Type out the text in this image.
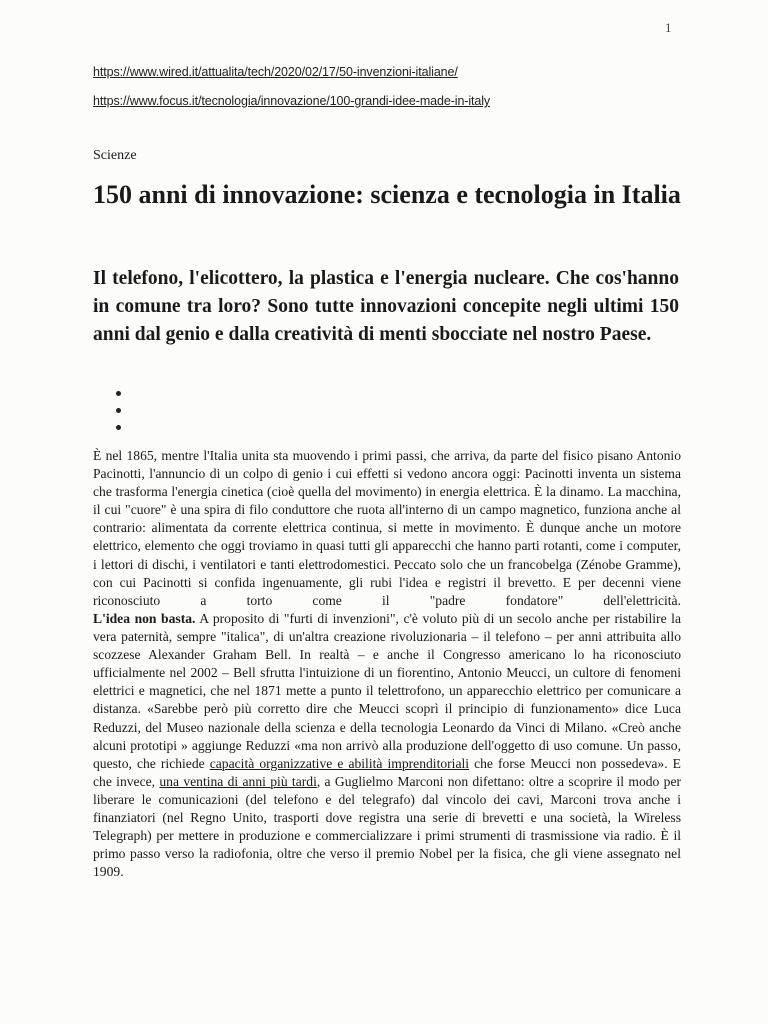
1
https://www.wired.it/attualita/tech/2020/02/17/50-invenzioni-italiane/
https://www.focus.it/tecnologia/innovazione/100-grandi-idee-made-in-italy
Scienze
150 anni di innovazione: scienza e tecnologia in Italia

Il telefono, l'elicottero, la plastica e l'energia nucleare. Che cos'hanno in comune tra loro? Sono tutte innovazioni concepite negli ultimi 150 anni dal genio e dalla creatività di menti sbocciate nel nostro Paese.

È nel 1865, mentre l'Italia unita sta muovendo i primi passi, che arriva, da parte del fisico pisano Antonio Pacinotti, l'annuncio di un colpo di genio i cui effetti si vedono ancora oggi: Pacinotti inventa un sistema che trasforma l'energia cinetica (cioè quella del movimento) in energia elettrica. È la dinamo. La macchina, il cui "cuore" è una spira di filo conduttore che ruota all'interno di un campo magnetico, funziona anche al contrario: alimentata da corrente elettrica continua, si mette in movimento. È dunque anche un motore elettrico, elemento che oggi troviamo in quasi tutti gli apparecchi che hanno parti rotanti, come i computer, i lettori di dischi, i ventilatori e tanti elettrodomestici. Peccato solo che un francobelga (Zénobe Gramme), con cui Pacinotti si confida ingenuamente, gli rubi l'idea e registri il brevetto. E per decenni viene riconosciuto a torto come il "padre fondatore" dell'elettricità.

L'idea non basta. A proposito di "furti di invenzioni", c'è voluto più di un secolo anche per ristabilire la vera paternità, sempre "italica", di un'altra creazione rivoluzionaria – il telefono – per anni attribuita allo scozzese Alexander Graham Bell. In realtà – e anche il Congresso americano lo ha riconosciuto ufficialmente nel 2002 – Bell sfrutta l'intuizione di un fiorentino, Antonio Meucci, un cultore di fenomeni elettrici e magnetici, che nel 1871 mette a punto il telettrofono, un apparecchio elettrico per comunicare a distanza. «Sarebbe però più corretto dire che Meucci scoprì il principio di funzionamento» dice Luca Reduzzi, del Museo nazionale della scienza e della tecnologia Leonardo da Vinci di Milano. «Creò anche alcuni prototipi » aggiunge Reduzzi «ma non arrivò alla produzione dell'oggetto di uso comune. Un passo, questo, che richiede capacità organizzative e abilità imprenditoriali che forse Meucci non possedeva». E che invece, una ventina di anni più tardi, a Guglielmo Marconi non difettano: oltre a scoprire il modo per liberare le comunicazioni (del telefono e del telegrafo) dal vincolo dei cavi, Marconi trova anche i finanziatori (nel Regno Unito, trasporti dove registra una serie di brevetti e una società, la Wireless Telegraph) per mettere in produzione e commercializzare i primi strumenti di trasmissione via radio. È il primo passo verso la radiofonia, oltre che verso il premio Nobel per la fisica, che gli viene assegnato nel 1909.
